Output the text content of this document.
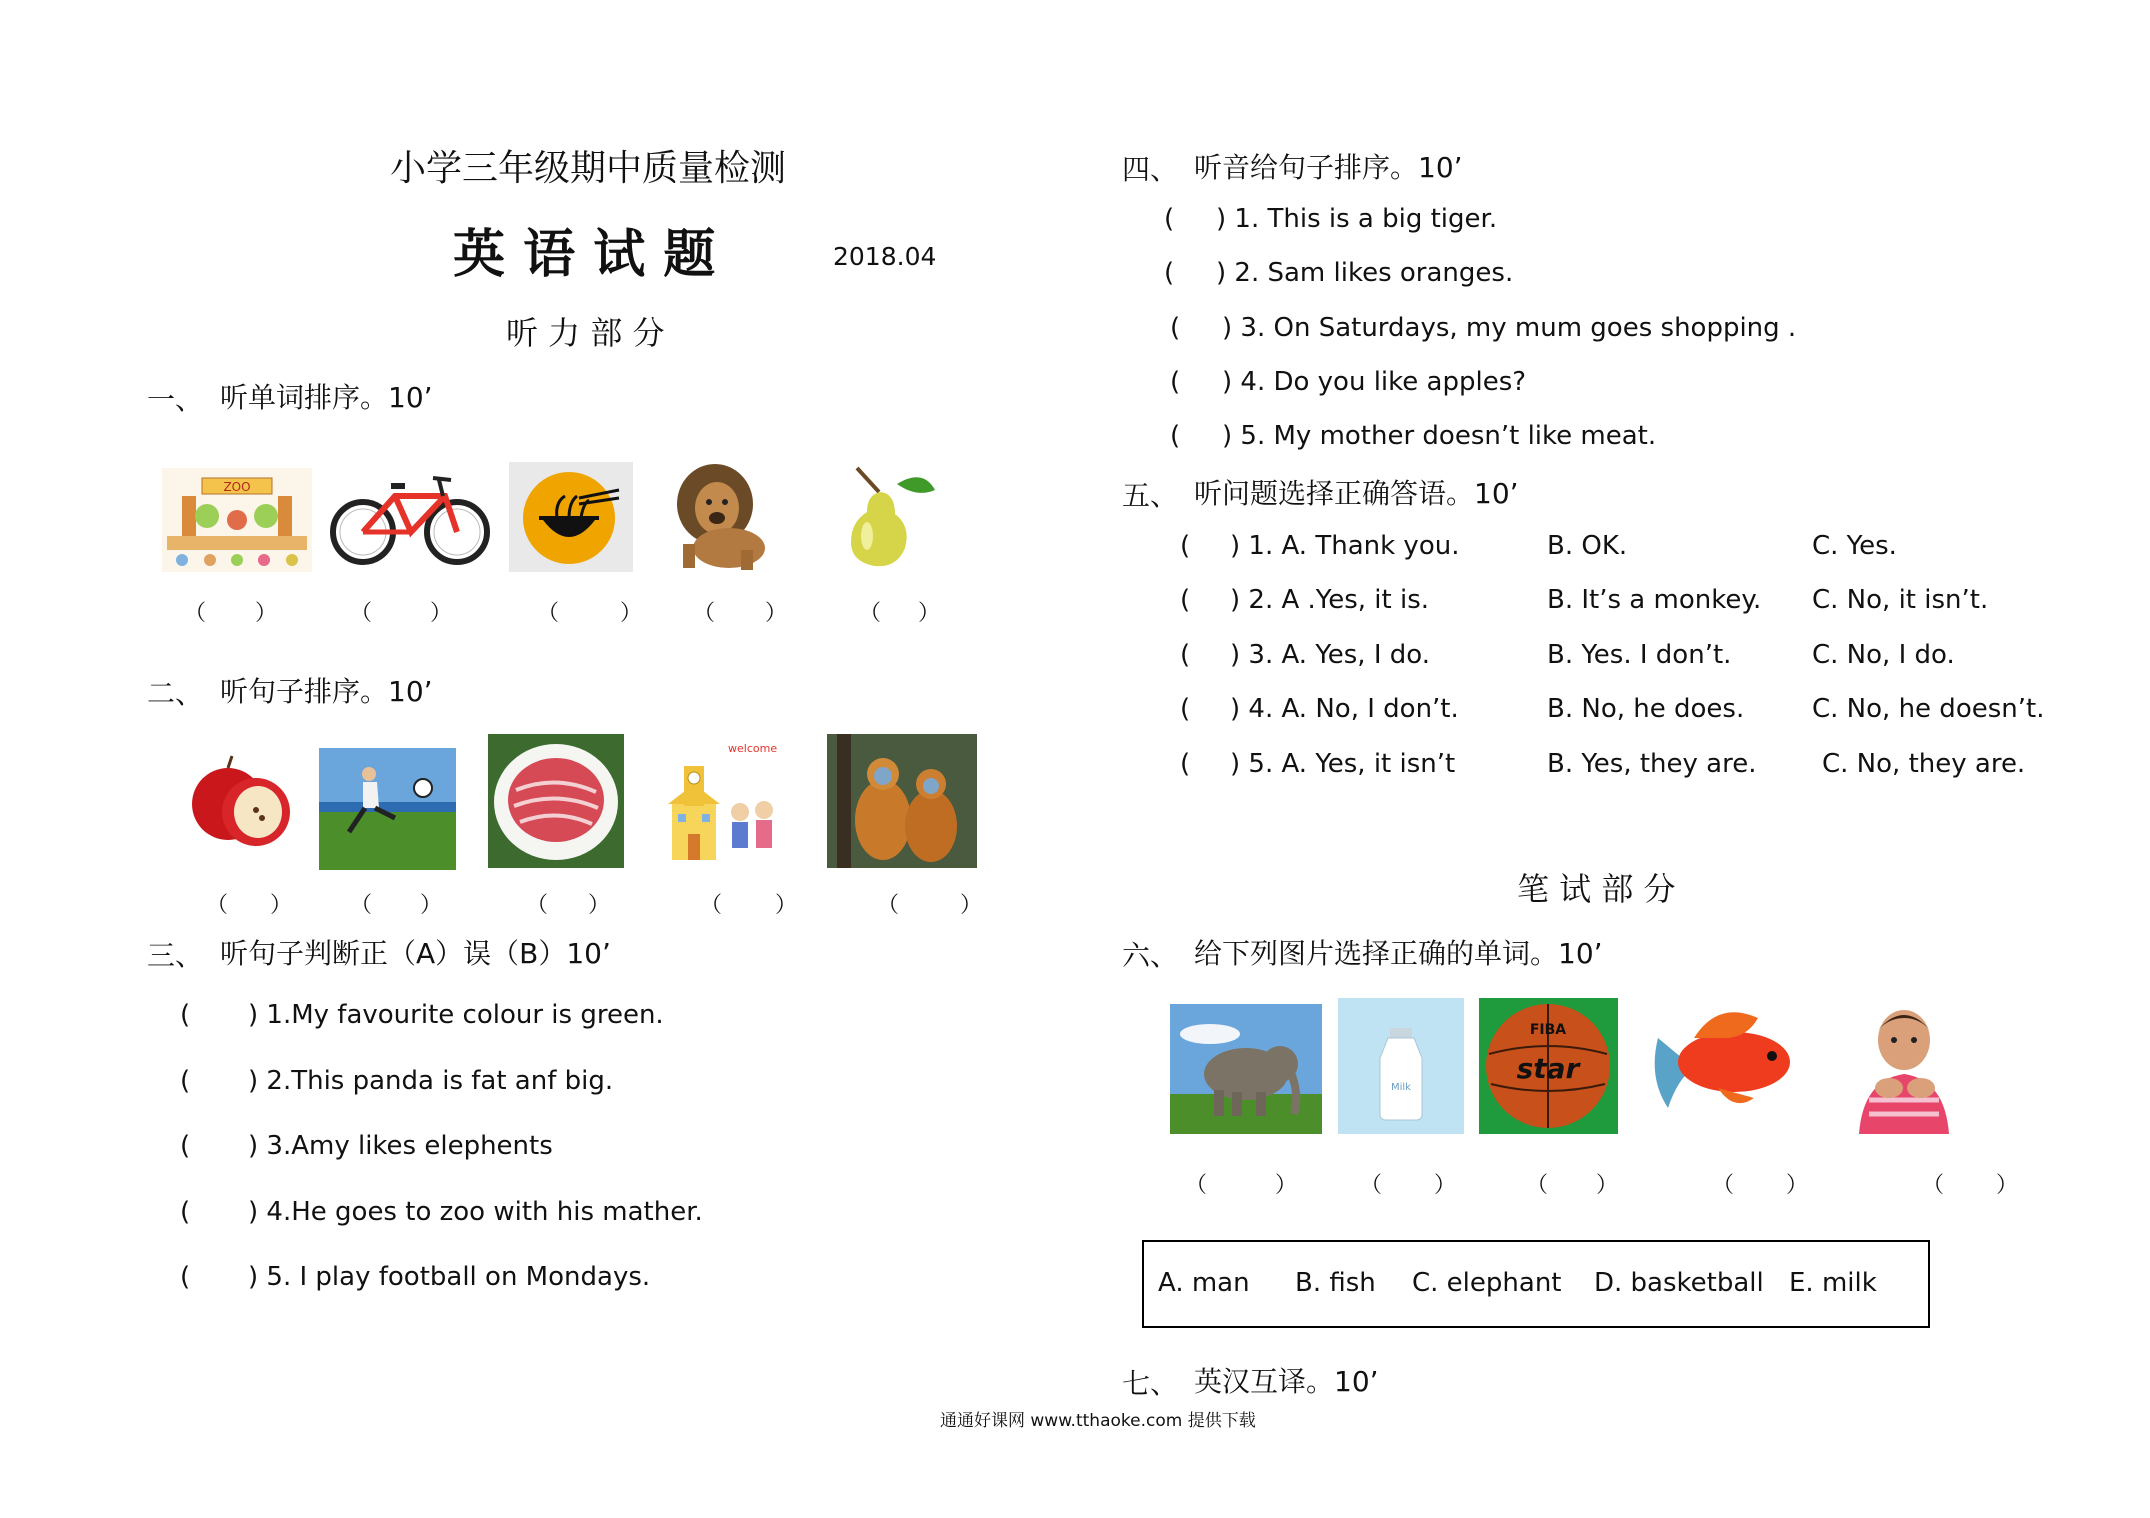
小学三年级期中质量检测
英 语 试 题	2018.04
听 力 部 分
一、 听单词排序。10’
ZOO
（ ）	（	）	（	） （ ）	（ ）
二、 听句子排序。10’
welcome
（ ）	（ ）	（ ）	（ ）	（	）
三、 听句子判断正（A）误（B）10’
( ) 1.My favourite colour is green.
( ) 2.This panda is fat anf big.
( ) 3.Amy likes elephents
( ) 4.He goes to zoo with his mather.
( ) 5. I play football on Mondays.
四、 听音给句子排序。10’
( ) 1. This is a big tiger.
( ) 2. Sam likes oranges.
( ) 3. On Saturdays, my mum goes shopping .
( ) 4. Do you like apples?
( ) 5. My mother doesn’t like meat.
五、 听问题选择正确答语。10’
( ) 1. A. Thank you.	B. OK.	C. Yes.
( ) 2. A .Yes, it is.	B. It’s a monkey. C. No, it isn’t.
( ) 3. A. Yes, I do.	B. Yes. I don’t.	C. No, I do.
( ) 4. A. No, I don’t.	B. No, he does.	C. No, he doesn’t.
( ) 5. A. Yes, it isn’t	B. Yes, they are.	C. No, they are.
笔 试 部 分
六、 给下列图片选择正确的单词。10’
Milk
FIBA
star
（	）	（ ）	（ ）	（ ）	（ ）
A. man B. fish C. elephant D. basketball E. milk
七、 英汉互译。10’
通通好课网 www.tthaoke.com 提供下载
